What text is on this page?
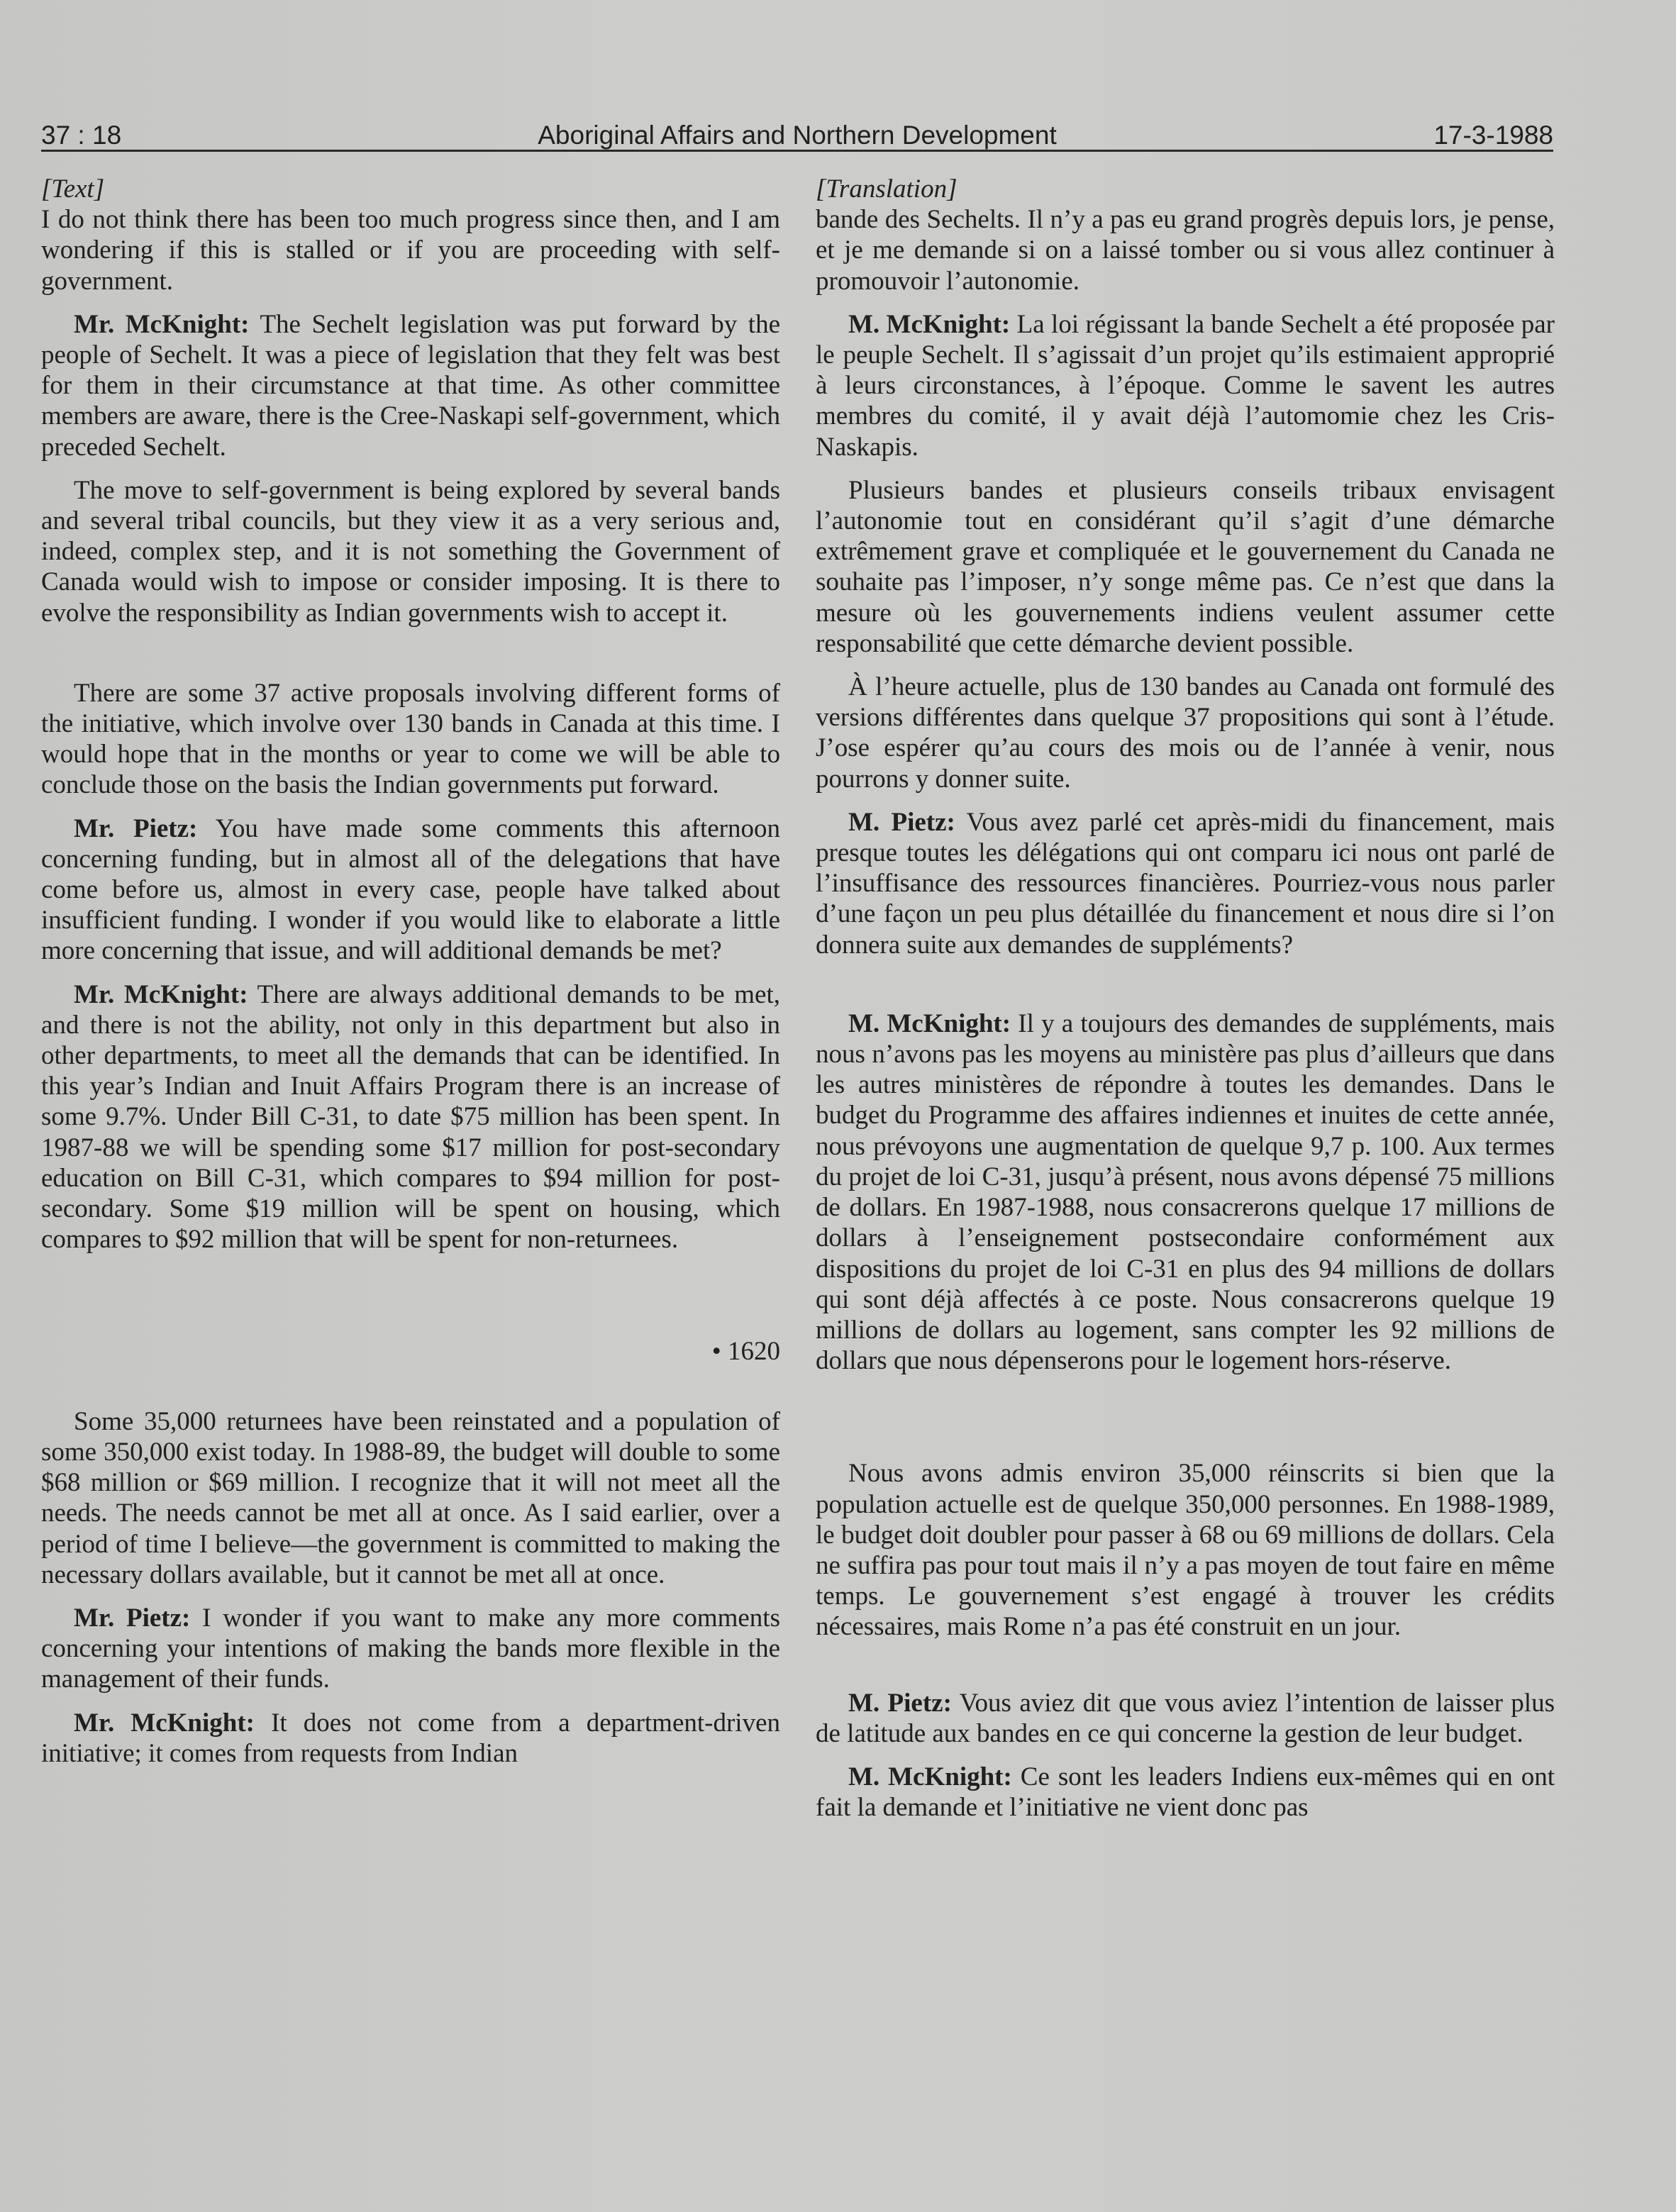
37 : 18	Aboriginal Affairs and Northern Development	17-3-1988
[Text]

I do not think there has been too much progress since then, and I am wondering if this is stalled or if you are proceeding with self-government.

Mr. McKnight: The Sechelt legislation was put forward by the people of Sechelt. It was a piece of legislation that they felt was best for them in their circumstance at that time. As other committee members are aware, there is the Cree-Naskapi self-government, which preceded Sechelt.

The move to self-government is being explored by several bands and several tribal councils, but they view it as a very serious and, indeed, complex step, and it is not something the Government of Canada would wish to impose or consider imposing. It is there to evolve the responsibility as Indian governments wish to accept it.

There are some 37 active proposals involving different forms of the initiative, which involve over 130 bands in Canada at this time. I would hope that in the months or year to come we will be able to conclude those on the basis the Indian governments put forward.

Mr. Pietz: You have made some comments this afternoon concerning funding, but in almost all of the delegations that have come before us, almost in every case, people have talked about insufficient funding. I wonder if you would like to elaborate a little more concerning that issue, and will additional demands be met?

Mr. McKnight: There are always additional demands to be met, and there is not the ability, not only in this department but also in other departments, to meet all the demands that can be identified. In this year’s Indian and Inuit Affairs Program there is an increase of some 9.7%. Under Bill C-31, to date $75 million has been spent. In 1987-88 we will be spending some $17 million for post-secondary education on Bill C-31, which compares to $94 million for post-secondary. Some $19 million will be spent on housing, which compares to $92 million that will be spent for non-returnees.

• 1620

Some 35,000 returnees have been reinstated and a population of some 350,000 exist today. In 1988-89, the budget will double to some $68 million or $69 million. I recognize that it will not meet all the needs. The needs cannot be met all at once. As I said earlier, over a period of time I believe—the government is committed to making the necessary dollars available, but it cannot be met all at once.

Mr. Pietz: I wonder if you want to make any more comments concerning your intentions of making the bands more flexible in the management of their funds.

Mr. McKnight: It does not come from a department-driven initiative; it comes from requests from Indian

[Translation]

bande des Sechelts. Il n’y a pas eu grand progrès depuis lors, je pense, et je me demande si on a laissé tomber ou si vous allez continuer à promouvoir l’autonomie.

M. McKnight: La loi régissant la bande Sechelt a été proposée par le peuple Sechelt. Il s’agissait d’un projet qu’ils estimaient approprié à leurs circonstances, à l’époque. Comme le savent les autres membres du comité, il y avait déjà l’automomie chez les Cris-Naskapis.

Plusieurs bandes et plusieurs conseils tribaux envisagent l’autonomie tout en considérant qu’il s’agit d’une démarche extrêmement grave et compliquée et le gouvernement du Canada ne souhaite pas l’imposer, n’y songe même pas. Ce n’est que dans la mesure où les gouvernements indiens veulent assumer cette responsabilité que cette démarche devient possible.

À l’heure actuelle, plus de 130 bandes au Canada ont formulé des versions différentes dans quelque 37 propositions qui sont à l’étude. J’ose espérer qu’au cours des mois ou de l’année à venir, nous pourrons y donner suite.

M. Pietz: Vous avez parlé cet après-midi du financement, mais presque toutes les délégations qui ont comparu ici nous ont parlé de l’insuffisance des ressources financières. Pourriez-vous nous parler d’une façon un peu plus détaillée du financement et nous dire si l’on donnera suite aux demandes de suppléments?

M. McKnight: Il y a toujours des demandes de suppléments, mais nous n’avons pas les moyens au ministère pas plus d’ailleurs que dans les autres ministères de répondre à toutes les demandes. Dans le budget du Programme des affaires indiennes et inuites de cette année, nous prévoyons une augmentation de quelque 9,7 p. 100. Aux termes du projet de loi C-31, jusqu’à présent, nous avons dépensé 75 millions de dollars. En 1987-1988, nous consacrerons quelque 17 millions de dollars à l’enseignement postsecondaire conformément aux dispositions du projet de loi C-31 en plus des 94 millions de dollars qui sont déjà affectés à ce poste. Nous consacrerons quelque 19 millions de dollars au logement, sans compter les 92 millions de dollars que nous dépenserons pour le logement hors-réserve.

Nous avons admis environ 35,000 réinscrits si bien que la population actuelle est de quelque 350,000 personnes. En 1988-1989, le budget doit doubler pour passer à 68 ou 69 millions de dollars. Cela ne suffira pas pour tout mais il n’y a pas moyen de tout faire en même temps. Le gouvernement s’est engagé à trouver les crédits nécessaires, mais Rome n’a pas été construit en un jour.

M. Pietz: Vous aviez dit que vous aviez l’intention de laisser plus de latitude aux bandes en ce qui concerne la gestion de leur budget.

M. McKnight: Ce sont les leaders Indiens eux-mêmes qui en ont fait la demande et l’initiative ne vient donc pas
